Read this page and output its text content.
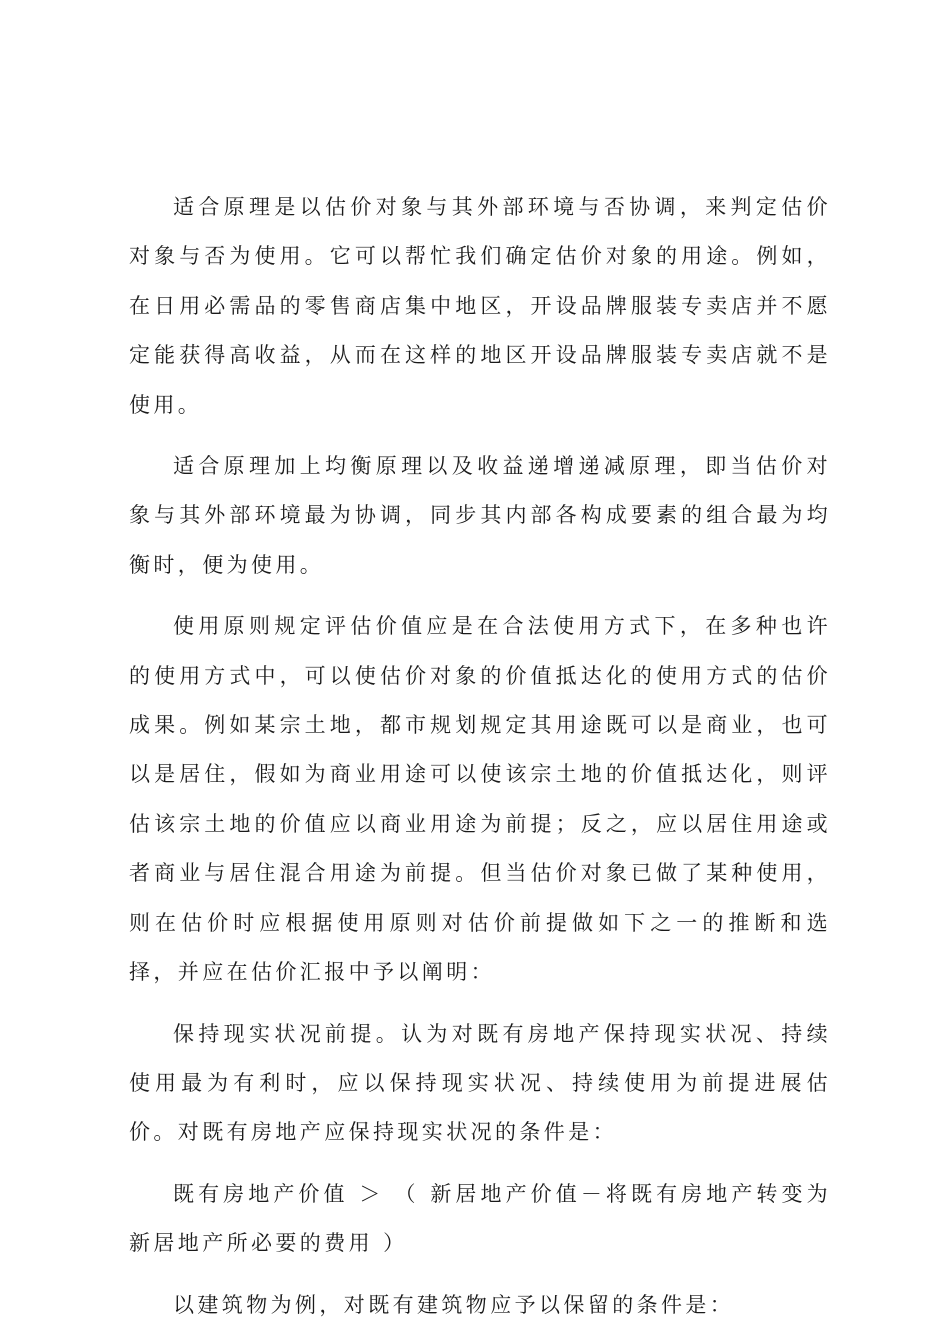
适合原理是以估价对象与其外部环境与否协调，来判定估价对象与否为使用。它可以帮忙我们确定估价对象的用途。例如，在日用必需品的零售商店集中地区，开设品牌服装专卖店并不愿定能获得高收益，从而在这样的地区开设品牌服装专卖店就不是使用。

适合原理加上均衡原理以及收益递增递减原理，即当估价对象与其外部环境最为协调，同步其内部各构成要素的组合最为均衡时，便为使用。

使用原则规定评估价值应是在合法使用方式下，在多种也许的使用方式中，可以使估价对象的价值抵达化的使用方式的估价成果。例如某宗土地，都市规划规定其用途既可以是商业，也可以是居住，假如为商业用途可以使该宗土地的价值抵达化，则评估该宗土地的价值应以商业用途为前提；反之，应以居住用途或者商业与居住混合用途为前提。但当估价对象已做了某种使用，则在估价时应根据使用原则对估价前提做如下之一的推断和选择，并应在估价汇报中予以阐明：

保持现实状况前提。认为对既有房地产保持现实状况、持续使用最为有利时，应以保持现实状况、持续使用为前提进展估价。对既有房地产应保持现实状况的条件是：

既有房地产价值 ＞ （ 新居地产价值－将既有房地产转变为新居地产所必要的费用 ）

以建筑物为例，对既有建筑物应予以保留的条件是：
